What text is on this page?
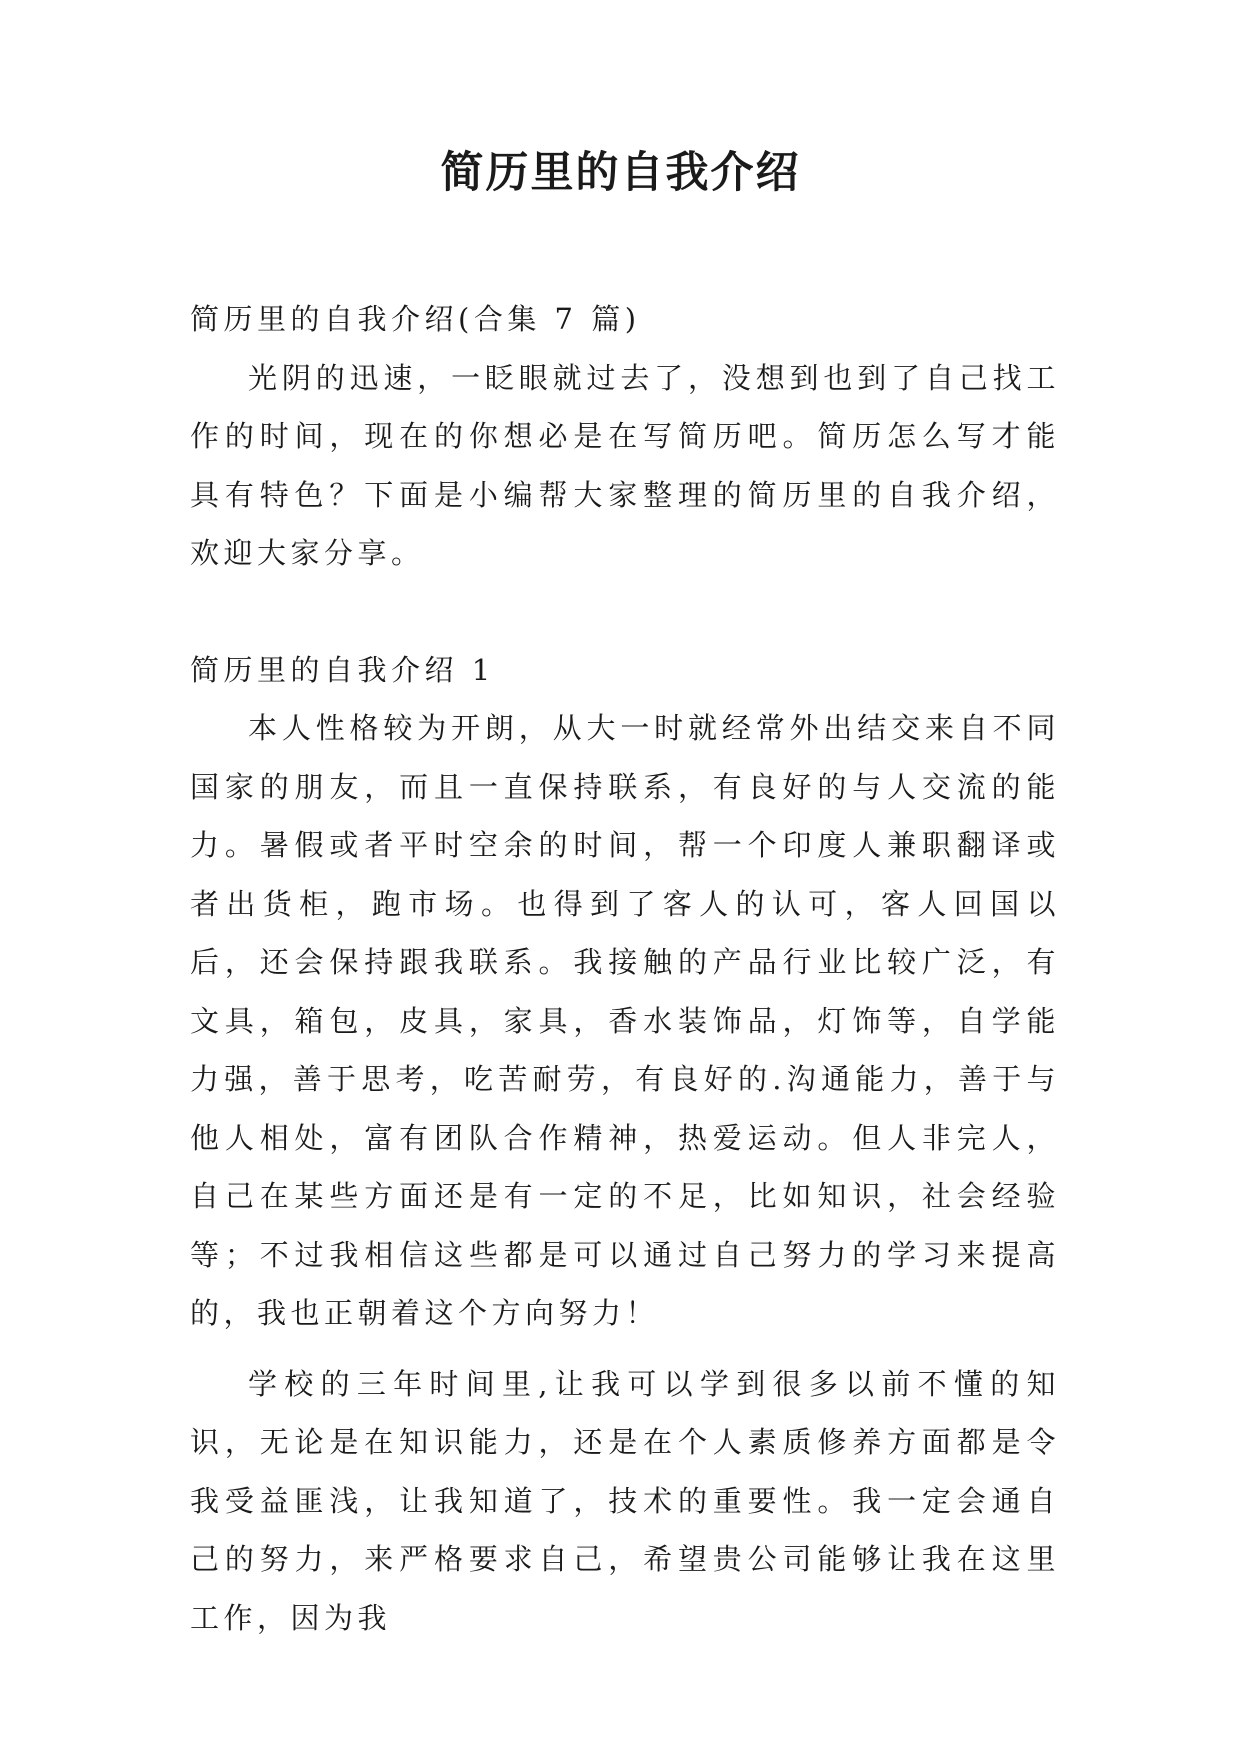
简历里的自我介绍

简历里的自我介绍(合集 7 篇)

光阴的迅速，一眨眼就过去了，没想到也到了自己找工作的时间，现在的你想必是在写简历吧。简历怎么写才能具有特色？下面是小编帮大家整理的简历里的自我介绍，欢迎大家分享。

简历里的自我介绍 1

本人性格较为开朗，从大一时就经常外出结交来自不同国家的朋友，而且一直保持联系，有良好的与人交流的能力。暑假或者平时空余的时间，帮一个印度人兼职翻译或者出货柜，跑市场。也得到了客人的认可，客人回国以后，还会保持跟我联系。我接触的产品行业比较广泛，有文具，箱包，皮具，家具，香水装饰品，灯饰等，自学能力强，善于思考，吃苦耐劳，有良好的.沟通能力，善于与他人相处，富有团队合作精神，热爱运动。但人非完人，自己在某些方面还是有一定的不足，比如知识，社会经验等；不过我相信这些都是可以通过自己努力的学习来提高的，我也正朝着这个方向努力！

学校的三年时间里,让我可以学到很多以前不懂的知识，无论是在知识能力，还是在个人素质修养方面都是令我受益匪浅，让我知道了，技术的重要性。我一定会通自己的努力，来严格要求自己，希望贵公司能够让我在这里工作，因为我
